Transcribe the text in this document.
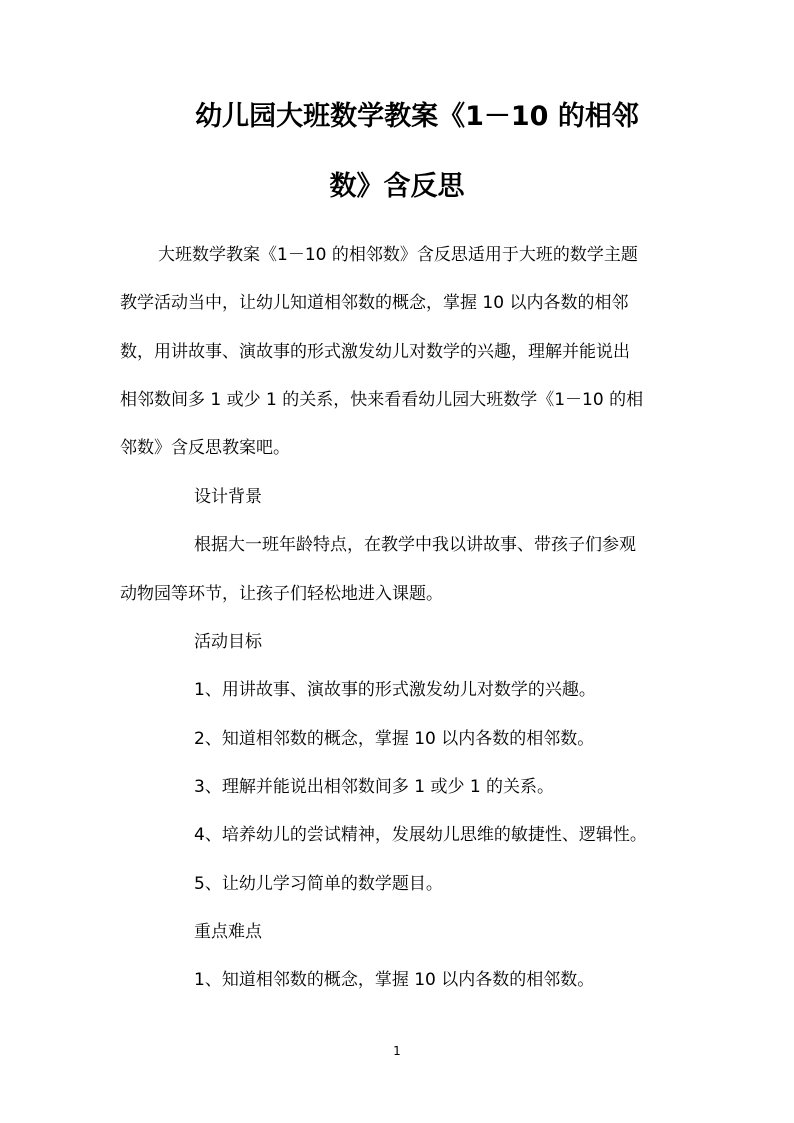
幼儿园大班数学教案《1－10 的相邻
数》含反思
大班数学教案《1－10 的相邻数》含反思适用于大班的数学主题
教学活动当中，让幼儿知道相邻数的概念，掌握 10 以内各数的相邻
数，用讲故事、演故事的形式激发幼儿对数学的兴趣，理解并能说出
相邻数间多 1 或少 1 的关系，快来看看幼儿园大班数学《1－10 的相
邻数》含反思教案吧。
设计背景
根据大一班年龄特点，在教学中我以讲故事、带孩子们参观
动物园等环节，让孩子们轻松地进入课题。
活动目标
1、用讲故事、演故事的形式激发幼儿对数学的兴趣。
2、知道相邻数的概念，掌握 10 以内各数的相邻数。
3、理解并能说出相邻数间多 1 或少 1 的关系。
4、培养幼儿的尝试精神，发展幼儿思维的敏捷性、逻辑性。
5、让幼儿学习简单的数学题目。
重点难点
1、知道相邻数的概念，掌握 10 以内各数的相邻数。
1
